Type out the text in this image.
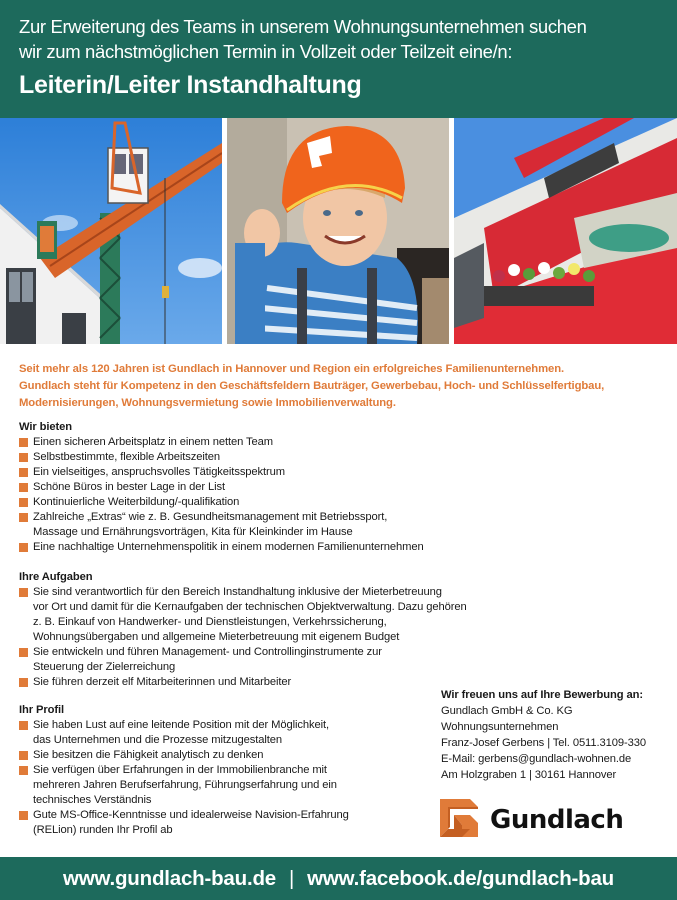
Zur Erweiterung des Teams in unserem Wohnungsunternehmen suchen
wir zum nächstmöglichen Termin in Vollzeit oder Teilzeit eine/n:
Leiterin/Leiter Instandhaltung
Seit mehr als 120 Jahren ist Gundlach in Hannover und Region ein erfolgreiches Familienunternehmen.
Gundlach steht für Kompetenz in den Geschäftsfeldern Bauträger, Gewerbebau, Hoch- und Schlüsselfertigbau,
Modernisierungen, Wohnungsvermietung sowie Immobilienverwaltung.
Wir bieten
Einen sicheren Arbeitsplatz in einem netten Team
Selbstbestimmte, flexible Arbeitszeiten
Ein vielseitiges, anspruchsvolles Tätigkeitsspektrum
Schöne Büros in bester Lage in der List
Kontinuierliche Weiterbildung/-qualifikation
Zahlreiche „Extras“ wie z. B. Gesundheitsmanagement mit Betriebssport,
Massage und Ernährungsvorträgen, Kita für Kleinkinder im Hause
Eine nachhaltige Unternehmenspolitik in einem modernen Familienunternehmen
Ihre Aufgaben
Sie sind verantwortlich für den Bereich Instandhaltung inklusive der Mieterbetreuung
vor Ort und damit für die Kernaufgaben der technischen Objektverwaltung. Dazu gehören
z. B. Einkauf von Handwerker- und Dienstleistungen, Verkehrssicherung,
Wohnungsübergaben und allgemeine Mieterbetreuung mit eigenem Budget
Sie entwickeln und führen Management- und Controllinginstrumente zur
Steuerung der Zielerreichung
Sie führen derzeit elf Mitarbeiterinnen und Mitarbeiter
Ihr Profil
Sie haben Lust auf eine leitende Position mit der Möglichkeit,
das Unternehmen und die Prozesse mitzugestalten
Sie besitzen die Fähigkeit analytisch zu denken
Sie verfügen über Erfahrungen in der Immobilienbranche mit
mehreren Jahren Berufserfahrung, Führungserfahrung und ein
technisches Verständnis
Gute MS-Office-Kenntnisse und idealerweise Navision-Erfahrung
(RELion) runden Ihr Profil ab
Wir freuen uns auf Ihre Bewerbung an:
Gundlach GmbH & Co. KG
Wohnungsunternehmen
Franz-Josef Gerbens | Tel. 0511.3109-330
E-Mail: gerbens@gundlach-wohnen.de
Am Holzgraben 1 | 30161 Hannover
Gundlach
www.gundlach-bau.de | www.facebook.de/gundlach-bau
